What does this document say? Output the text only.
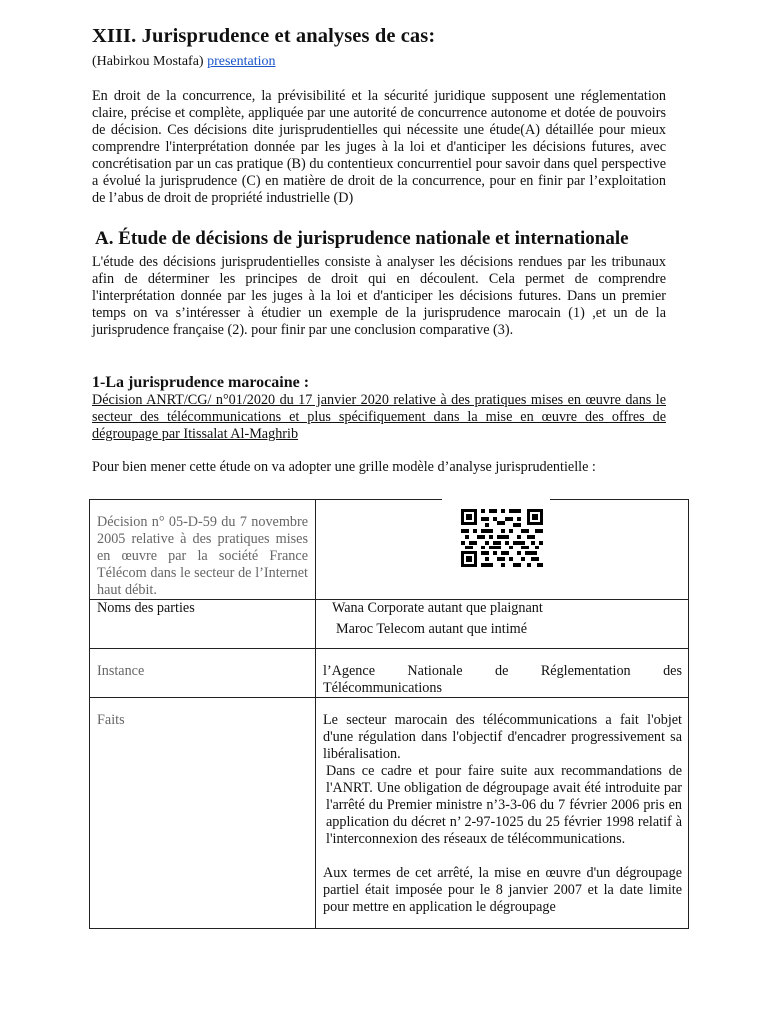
XIII. Jurisprudence et analyses de cas:
(Habirkou Mostafa) presentation

En droit de la concurrence, la prévisibilité et la sécurité juridique supposent une réglementation claire, précise et complète, appliquée par une autorité de concurrence autonome et dotée de pouvoirs de décision. Ces décisions dite jurisprudentielles qui nécessite une étude(A) détaillée pour mieux comprendre l'interprétation donnée par les juges à la loi et d'anticiper les décisions futures, avec concrétisation par un cas pratique (B) du contentieux concurrentiel pour savoir dans quel perspective a évolué la jurisprudence (C) en matière de droit de la concurrence, pour en finir par l’exploitation de l’abus de droit de propriété industrielle (D)

A. Étude de décisions de jurisprudence nationale et internationale

L'étude des décisions jurisprudentielles consiste à analyser les décisions rendues par les tribunaux afin de déterminer les principes de droit qui en découlent. Cela permet de comprendre l'interprétation donnée par les juges à la loi et d'anticiper les décisions futures. Dans un premier temps on va s’intéresser à étudier un exemple de la jurisprudence marocain (1) ,et un de la jurisprudence française (2). pour finir par une conclusion comparative (3).

1-La jurisprudence marocaine :

Décision ANRT/CG/ n°01/2020 du 17 janvier 2020 relative à des pratiques mises en œuvre dans le secteur des télécommunications et plus spécifiquement dans la mise en œuvre des offres de dégroupage par Itissalat Al-Maghrib

Pour bien mener cette étude on va adopter une grille modèle d’analyse jurisprudentielle :
Décision n° 05-D-59 du 7 novembre 2005 relative à des pratiques mises en œuvre par la société France Télécom dans le secteur de l’Internet haut débit.

Noms des parties	Wana Corporate autant que plaignant
Maroc Telecom autant que intimé

Instance	l’Agence Nationale de Réglementation des Télécommunications

Faits	Le secteur marocain des télécommunications a fait l'objet d'une régulation dans l'objectif d'encadrer progressivement sa libéralisation.
Dans ce cadre et pour faire suite aux recommandations de l'ANRT. Une obligation de dégroupage avait été introduite par l'arrêté du Premier ministre n’3-3-06 du 7 février 2006 pris en application du décret n’ 2-97-1025 du 25 février 1998 relatif à l'interconnexion des réseaux de télécommunications.
Aux termes de cet arrêté, la mise en œuvre d'un dégroupage partiel était imposée pour le 8 janvier 2007 et la date limite pour mettre en application le dégroupage
